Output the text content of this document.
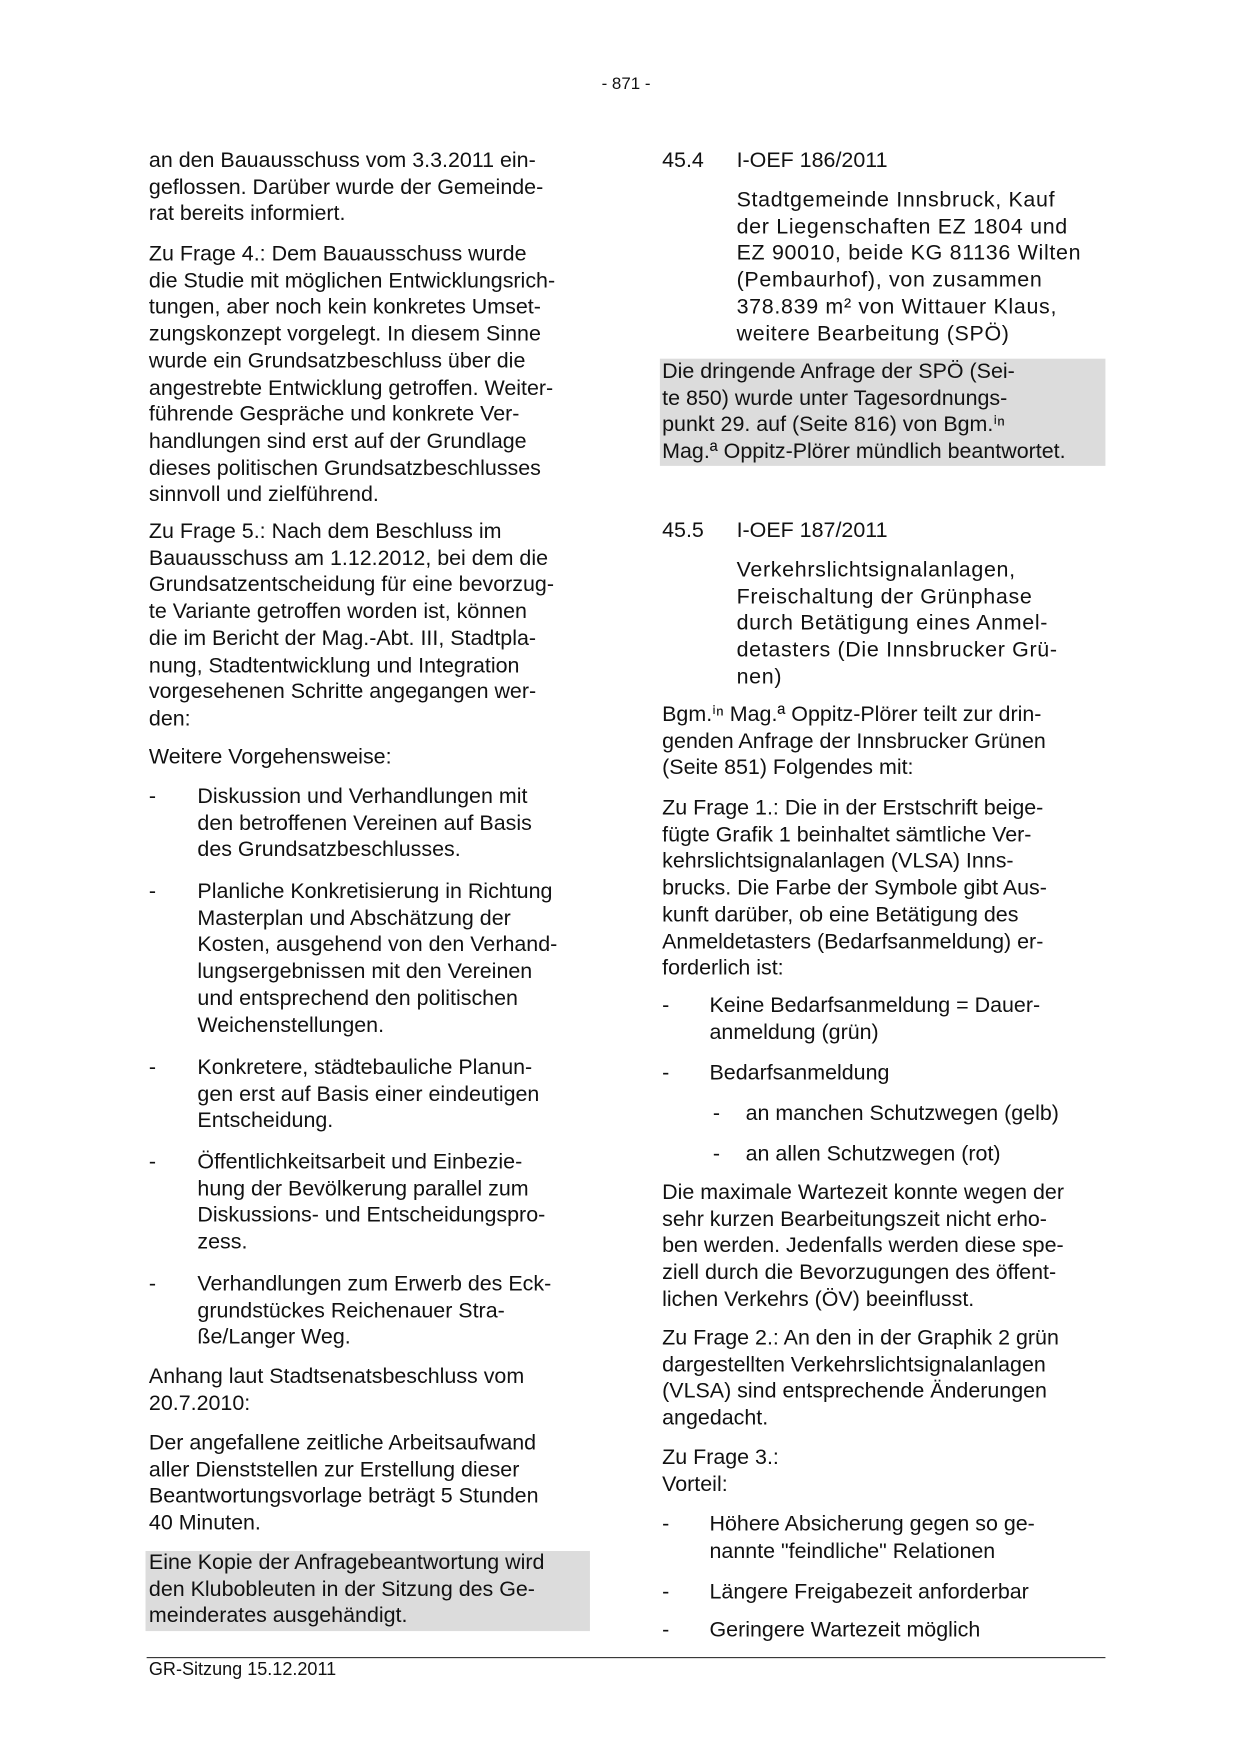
- 871 -
an den Bauausschuss vom 3.3.2011 ein-
geflossen. Darüber wurde der Gemeinde-
rat bereits informiert.
Zu Frage 4.: Dem Bauausschuss wurde
die Studie mit möglichen Entwicklungsrich-
tungen, aber noch kein konkretes Umset-
zungskonzept vorgelegt. In diesem Sinne
wurde ein Grundsatzbeschluss über die
angestrebte Entwicklung getroffen. Weiter-
führende Gespräche und konkrete Ver-
handlungen sind erst auf der Grundlage
dieses politischen Grundsatzbeschlusses
sinnvoll und zielführend.
Zu Frage 5.: Nach dem Beschluss im
Bauausschuss am 1.12.2012, bei dem die
Grundsatzentscheidung für eine bevorzug-
te Variante getroffen worden ist, können
die im Bericht der Mag.-Abt. III, Stadtpla-
nung, Stadtentwicklung und Integration
vorgesehenen Schritte angegangen wer-
den:
Weitere Vorgehensweise:
- Diskussion und Verhandlungen mit
den betroffenen Vereinen auf Basis
des Grundsatzbeschlusses.
- Planliche Konkretisierung in Richtung
Masterplan und Abschätzung der
Kosten, ausgehend von den Verhand-
lungsergebnissen mit den Vereinen
und entsprechend den politischen
Weichenstellungen.
- Konkretere, städtebauliche Planun-
gen erst auf Basis einer eindeutigen
Entscheidung.
- Öffentlichkeitsarbeit und Einbezie-
hung der Bevölkerung parallel zum
Diskussions- und Entscheidungspro-
zess.
- Verhandlungen zum Erwerb des Eck-
grundstückes Reichenauer Stra-
ße/Langer Weg.
Anhang laut Stadtsenatsbeschluss vom
20.7.2010:
Der angefallene zeitliche Arbeitsaufwand
aller Dienststellen zur Erstellung dieser
Beantwortungsvorlage beträgt 5 Stunden
40 Minuten.
Eine Kopie der Anfragebeantwortung wird
den Klubobleuten in der Sitzung des Ge-
meinderates ausgehändigt.
45.4 I-OEF 186/2011
Stadtgemeinde Innsbruck, Kauf
der Liegenschaften EZ 1804 und
EZ 90010, beide KG 81136 Wilten
(Pembaurhof), von zusammen
378.839 m² von Wittauer Klaus,
weitere Bearbeitung (SPÖ)
Die dringende Anfrage der SPÖ (Sei-
te 850) wurde unter Tagesordnungs-
punkt 29. auf (Seite 816) von Bgm.ⁱⁿ
Mag.ª Oppitz-Plörer mündlich beantwortet.
45.5 I-OEF 187/2011
Verkehrslichtsignalanlagen,
Freischaltung der Grünphase
durch Betätigung eines Anmel-
detasters (Die Innsbrucker Grü-
nen)
Bgm.ⁱⁿ Mag.ª Oppitz-Plörer teilt zur drin-
genden Anfrage der Innsbrucker Grünen
(Seite 851) Folgendes mit:
Zu Frage 1.: Die in der Erstschrift beige-
fügte Grafik 1 beinhaltet sämtliche Ver-
kehrslichtsignalanlagen (VLSA) Inns-
brucks. Die Farbe der Symbole gibt Aus-
kunft darüber, ob eine Betätigung des
Anmeldetasters (Bedarfsanmeldung) er-
forderlich ist:
- Keine Bedarfsanmeldung = Dauer-
anmeldung (grün)
- Bedarfsanmeldung
- an manchen Schutzwegen (gelb)
- an allen Schutzwegen (rot)
Die maximale Wartezeit konnte wegen der
sehr kurzen Bearbeitungszeit nicht erho-
ben werden. Jedenfalls werden diese spe-
ziell durch die Bevorzugungen des öffent-
lichen Verkehrs (ÖV) beeinflusst.
Zu Frage 2.: An den in der Graphik 2 grün
dargestellten Verkehrslichtsignalanlagen
(VLSA) sind entsprechende Änderungen
angedacht.
Zu Frage 3.:
Vorteil:
- Höhere Absicherung gegen so ge-
nannte "feindliche" Relationen
- Längere Freigabezeit anforderbar
- Geringere Wartezeit möglich
GR-Sitzung 15.12.2011
